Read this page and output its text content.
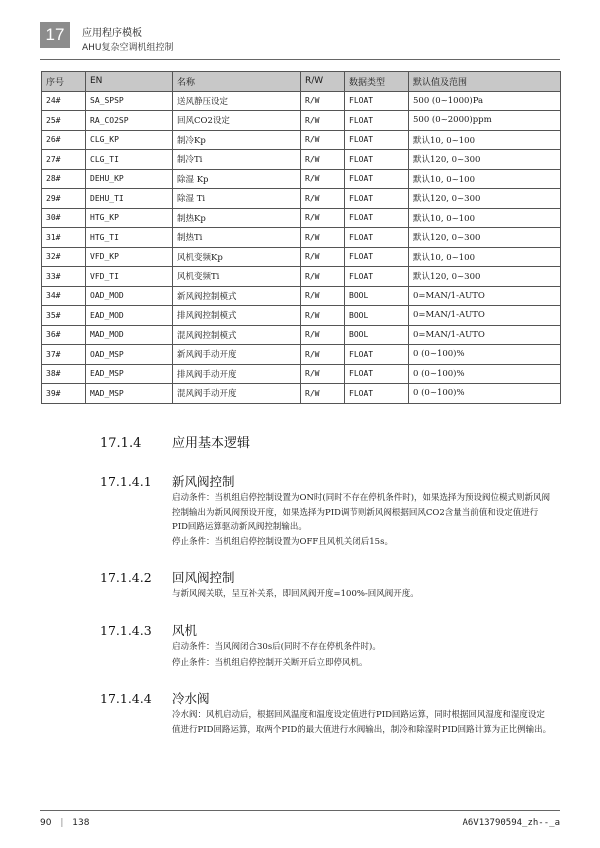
17	应用程序模板
AHU复杂空调机组控制
序号	EN	名称	R/W	数据类型	默认值及范围
24#	SA_SPSP	送风静压设定	R/W	FLOAT	500 (0~1000)Pa
25#	RA_CO2SP	回风CO2设定	R/W	FLOAT	500 (0~2000)ppm
26#	CLG_KP	制冷Kp	R/W	FLOAT	默认10, 0~100
27#	CLG_TI	制冷Ti	R/W	FLOAT	默认120, 0~300
28#	DEHU_KP	除湿 Kp	R/W	FLOAT	默认10, 0~100
29#	DEHU_TI	除湿 Ti	R/W	FLOAT	默认120, 0~300
30#	HTG_KP	制热Kp	R/W	FLOAT	默认10, 0~100
31#	HTG_TI	制热Ti	R/W	FLOAT	默认120, 0~300
32#	VFD_KP	风机变频Kp	R/W	FLOAT	默认10, 0~100
33#	VFD_TI	风机变频Ti	R/W	FLOAT	默认120, 0~300
34#	OAD_MOD	新风阀控制模式	R/W	BOOL	0=MAN/1-AUTO
35#	EAD_MOD	排风阀控制模式	R/W	BOOL	0=MAN/1-AUTO
36#	MAD_MOD	混风阀控制模式	R/W	BOOL	0=MAN/1-AUTO
37#	OAD_MSP	新风阀手动开度	R/W	FLOAT	0 (0~100)%
38#	EAD_MSP	排风阀手动开度	R/W	FLOAT	0 (0~100)%
39#	MAD_MSP	混风阀手动开度	R/W	FLOAT	0 (0~100)%
17.1.4 应用基本逻辑
17.1.4.1 新风阀控制
启动条件：当机组启停控制设置为ON时(同时不存在停机条件时)，如果选择为预设阀位模式则新风阀控制输出为新风阀预设开度，如果选择为PID调节则新风阀根据回风CO2含量当前值和设定值进行PID回路运算驱动新风阀控制输出。
停止条件：当机组启停控制设置为OFF且风机关闭后15s。
17.1.4.2 回风阀控制
与新风阀关联，呈互补关系，即回风阀开度=100%-回风阀开度。
17.1.4.3 风机
启动条件：当风阀闭合30s后(同时不存在停机条件时)。
停止条件：当机组启停控制开关断开后立即停风机。
17.1.4.4 冷水阀
冷水阀：风机启动后，根据回风温度和温度设定值进行PID回路运算，同时根据回风湿度和湿度设定值进行PID回路运算，取两个PID的最大值进行水阀输出，制冷和除湿时PID回路计算为正比例输出。
90 | 138	A6V13790594_zh--_a
